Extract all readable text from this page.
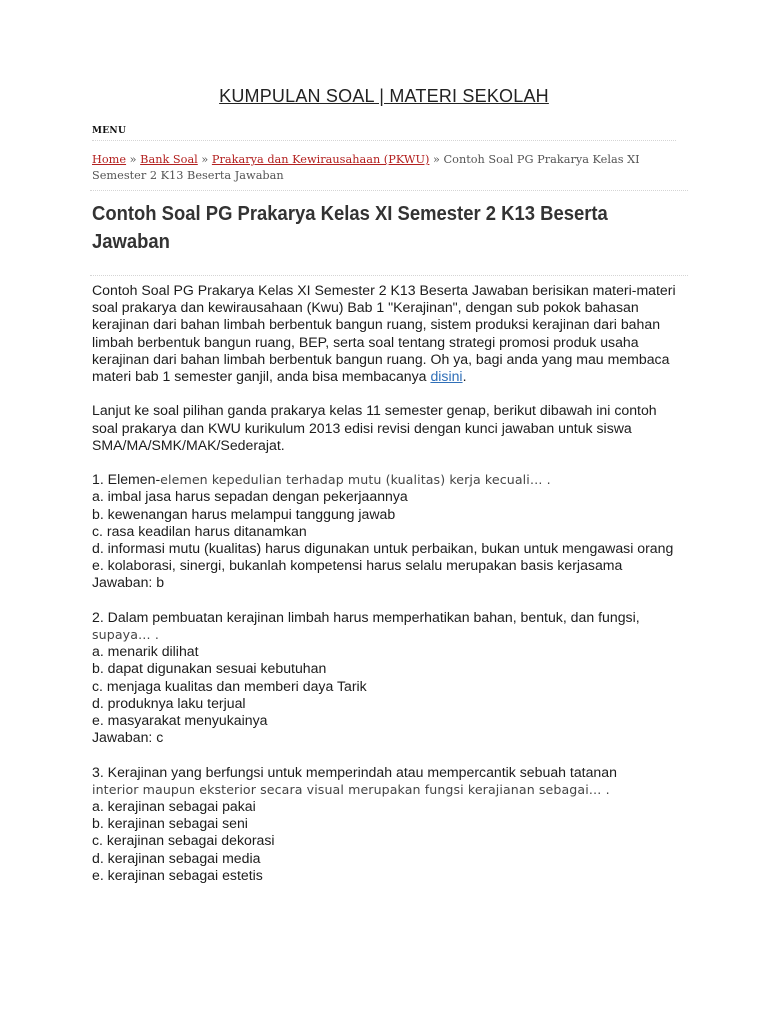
KUMPULAN SOAL | MATERI SEKOLAH
MENU
Home » Bank Soal » Prakarya dan Kewirausahaan (PKWU) » Contoh Soal PG Prakarya Kelas XI Semester 2 K13 Beserta Jawaban
Contoh Soal PG Prakarya Kelas XI Semester 2 K13 Beserta Jawaban

Contoh Soal PG Prakarya Kelas XI Semester 2 K13 Beserta Jawaban berisikan materi-materi soal prakarya dan kewirausahaan (Kwu) Bab 1 "Kerajinan", dengan sub pokok bahasan kerajinan dari bahan limbah berbentuk bangun ruang, sistem produksi kerajinan dari bahan limbah berbentuk bangun ruang, BEP, serta soal tentang strategi promosi produk usaha kerajinan dari bahan limbah berbentuk bangun ruang. Oh ya, bagi anda yang mau membaca materi bab 1 semester ganjil, anda bisa membacanya disini.

Lanjut ke soal pilihan ganda prakarya kelas 11 semester genap, berikut dibawah ini contoh soal prakarya dan KWU kurikulum 2013 edisi revisi dengan kunci jawaban untuk siswa SMA/MA/SMK/MAK/Sederajat.

1. Elemen-elemen kepedulian terhadap mutu (kualitas) kerja kecuali… .

a. imbal jasa harus sepadan dengan pekerjaannya

b. kewenangan harus melampui tanggung jawab

c. rasa keadilan harus ditanamkan

d. informasi mutu (kualitas) harus digunakan untuk perbaikan, bukan untuk mengawasi orang

e. kolaborasi, sinergi, bukanlah kompetensi harus selalu merupakan basis kerjasama

Jawaban: b

2. Dalam pembuatan kerajinan limbah harus memperhatikan bahan, bentuk, dan fungsi,

supaya… .

a. menarik dilihat

b. dapat digunakan sesuai kebutuhan

c. menjaga kualitas dan memberi daya Tarik

d. produknya laku terjual

e. masyarakat menyukainya

Jawaban: c

3. Kerajinan yang berfungsi untuk memperindah atau mempercantik sebuah tatanan

interior maupun eksterior secara visual merupakan fungsi kerajianan sebagai… .

a. kerajinan sebagai pakai

b. kerajinan sebagai seni

c. kerajinan sebagai dekorasi

d. kerajinan sebagai media

e. kerajinan sebagai estetis
